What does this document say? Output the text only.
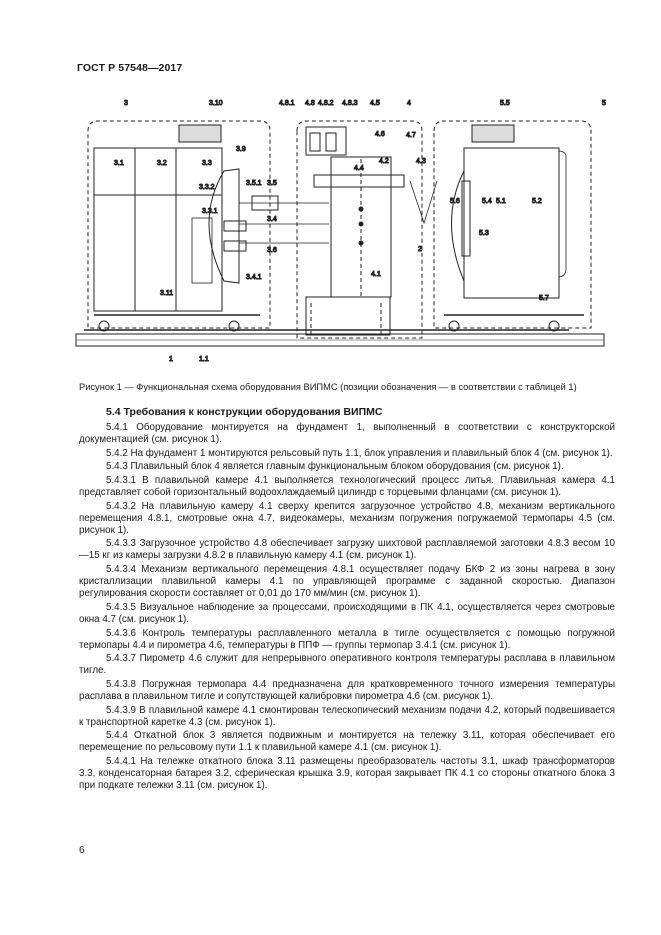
ГОСТ Р 57548—2017
3	3.10
3.1	3.2	3.3
3.9
3.3.2
3.3.1
3.5.1 3.5
3.4
3.6
3.4.1
3.11
4.8.1 4.8 4.8.2 4.8.3 4.5	4
4.6	4.7
4.4
4.2	4.3
2
4.1
5.5	5
5.6	5.4 5.1	5.2
5.3
5.7
1	1.1
Рисунок 1 — Функциональная схема оборудования ВИПМС (позиции обозначения — в соответствии с таблицей 1)
5.4 Требования к конструкции оборудования ВИПМС

5.4.1 Оборудование монтируется на фундамент 1, выполненный в соответствии с конструкторской документацией (см. рисунок 1).

5.4.2 На фундамент 1 монтируются рельсовый путь 1.1, блок управления и плавильный блок 4 (см. рисунок 1).

5.4.3 Плавильный блок 4 является главным функциональным блоком оборудования (см. рисунок 1).

5.4.3.1 В плавильной камере 4.1 выполняется технологический процесс литья. Плавильная камера 4.1 представляет собой горизонтальный водоохлаждаемый цилиндр с торцевыми фланцами (см. рисунок 1).

5.4.3.2 На плавильную камеру 4.1 сверху крепится загрузочное устройство 4.8, механизм вертикального перемещения 4.8.1, смотровые окна 4.7, видеокамеры, механизм погружения погружаемой термопары 4.5 (см. рисунок 1).

5.4.3.3 Загрузочное устройство 4.8 обеспечивает загрузку шихтовой расплавляемой заготовки 4.8.3 весом 10—15 кг из камеры загрузки 4.8.2 в плавильную камеру 4.1 (см. рисунок 1).

5.4.3.4 Механизм вертикального перемещения 4.8.1 осуществляет подачу БКФ 2 из зоны нагрева в зону кристаллизации плавильной камеры 4.1 по управляющей программе с заданной скоростью. Диапазон регулирования скорости составляет от 0,01 до 170 мм/мин (см. рисунок 1).

5.4.3.5 Визуальное наблюдение за процессами, происходящими в ПК 4.1, осуществляется через смотровые окна 4.7 (см. рисунок 1).

5.4.3.6 Контроль температуры расплавленного металла в тигле осуществляется с помощью погружной термопары 4.4 и пирометра 4.6, температуры в ППФ — группы термопар 3.4.1 (см. рисунок 1).

5.4.3.7 Пирометр 4.6 служит для непрерывного оперативного контроля температуры расплава в плавильном тигле.

5.4.3.8 Погружная термопара 4.4 предназначена для кратковременного точного измерения температуры расплава в плавильном тигле и сопутствующей калибровки пирометра 4.6 (см. рисунок 1).

5.4.3.9 В плавильной камере 4.1 смонтирован телескопический механизм подачи 4.2, который подвешивается к транспортной каретке 4.3 (см. рисунок 1).

5.4.4 Откатной блок 3 является подвижным и монтируется на тележку 3.11, которая обеспечивает его перемещение по рельсовому пути 1.1 к плавильной камере 4.1 (см. рисунок 1).

5.4.4.1 На тележке откатного блока 3.11 размещены преобразователь частоты 3.1, шкаф трансформаторов 3.3, конденсаторная батарея 3.2, сферическая крышка 3.9, которая закрывает ПК 4.1 со стороны откатного блока 3 при подкате тележки 3.11 (см. рисунок 1).

6
